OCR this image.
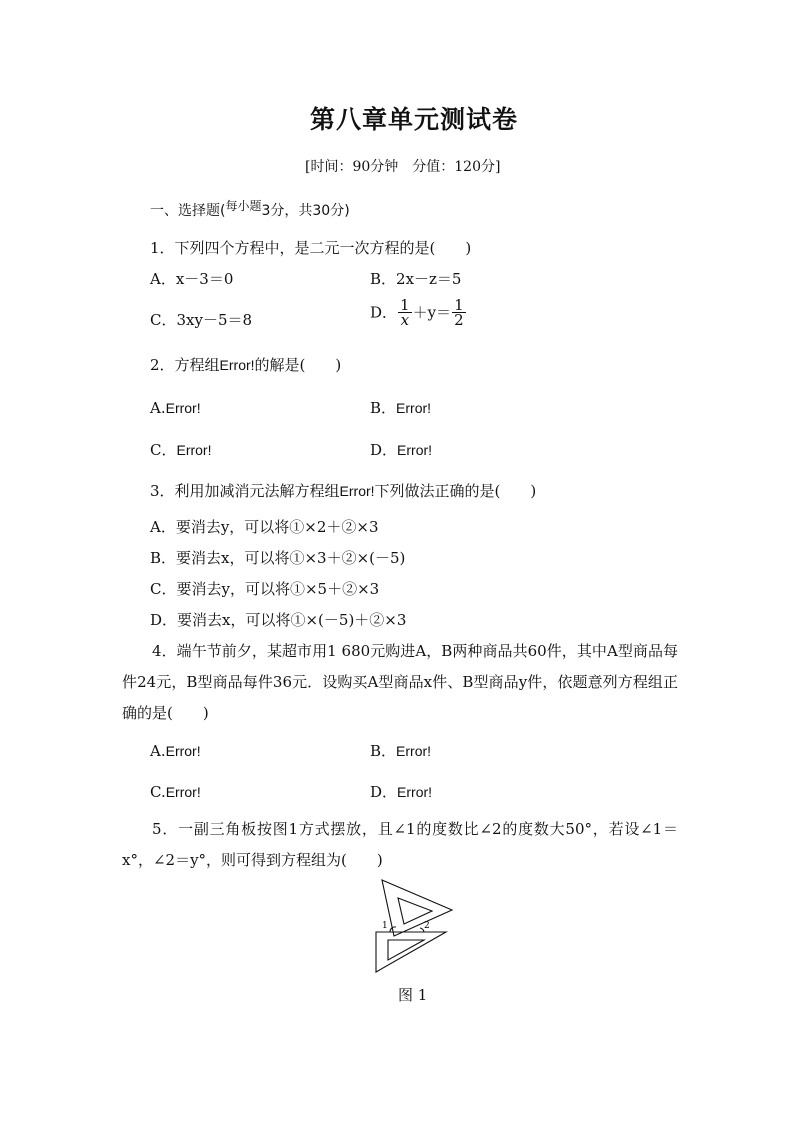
第八章单元测试卷
[时间：90分钟　分值：120分]
一、选择题(每小题3分，共30分)
1．下列四个方程中，是二元一次方程的是(　　)
A．x－3＝0	B．2x－z＝5
C．3xy－5＝8	D． $\frac{1}{x} +y= \frac{1}{2}$
2．方程组Error!的解是(　　)
A.Error!	B．Error!
C．Error!	D．Error!
3．利用加减消元法解方程组Error!下列做法正确的是(　　)
A．要消去y，可以将①×2＋②×3
B．要消去x，可以将①×3＋②×(－5)
C．要消去y，可以将①×5＋②×3
D．要消去x，可以将①×(－5)＋②×3
4．端午节前夕，某超市用1 680元购进A，B两种商品共60件，其中A型商品每件24元，B型商品每件36元．设购买A型商品x件、B型商品y件，依题意列方程组正确的是(　　)
A.Error!	B．Error!
C.Error!	D．Error!
5．一副三角板按图1方式摆放，且∠1的度数比∠2的度数大50°，若设∠1＝x°，∠2＝y°，则可得到方程组为(　　)
1	2
图 1
